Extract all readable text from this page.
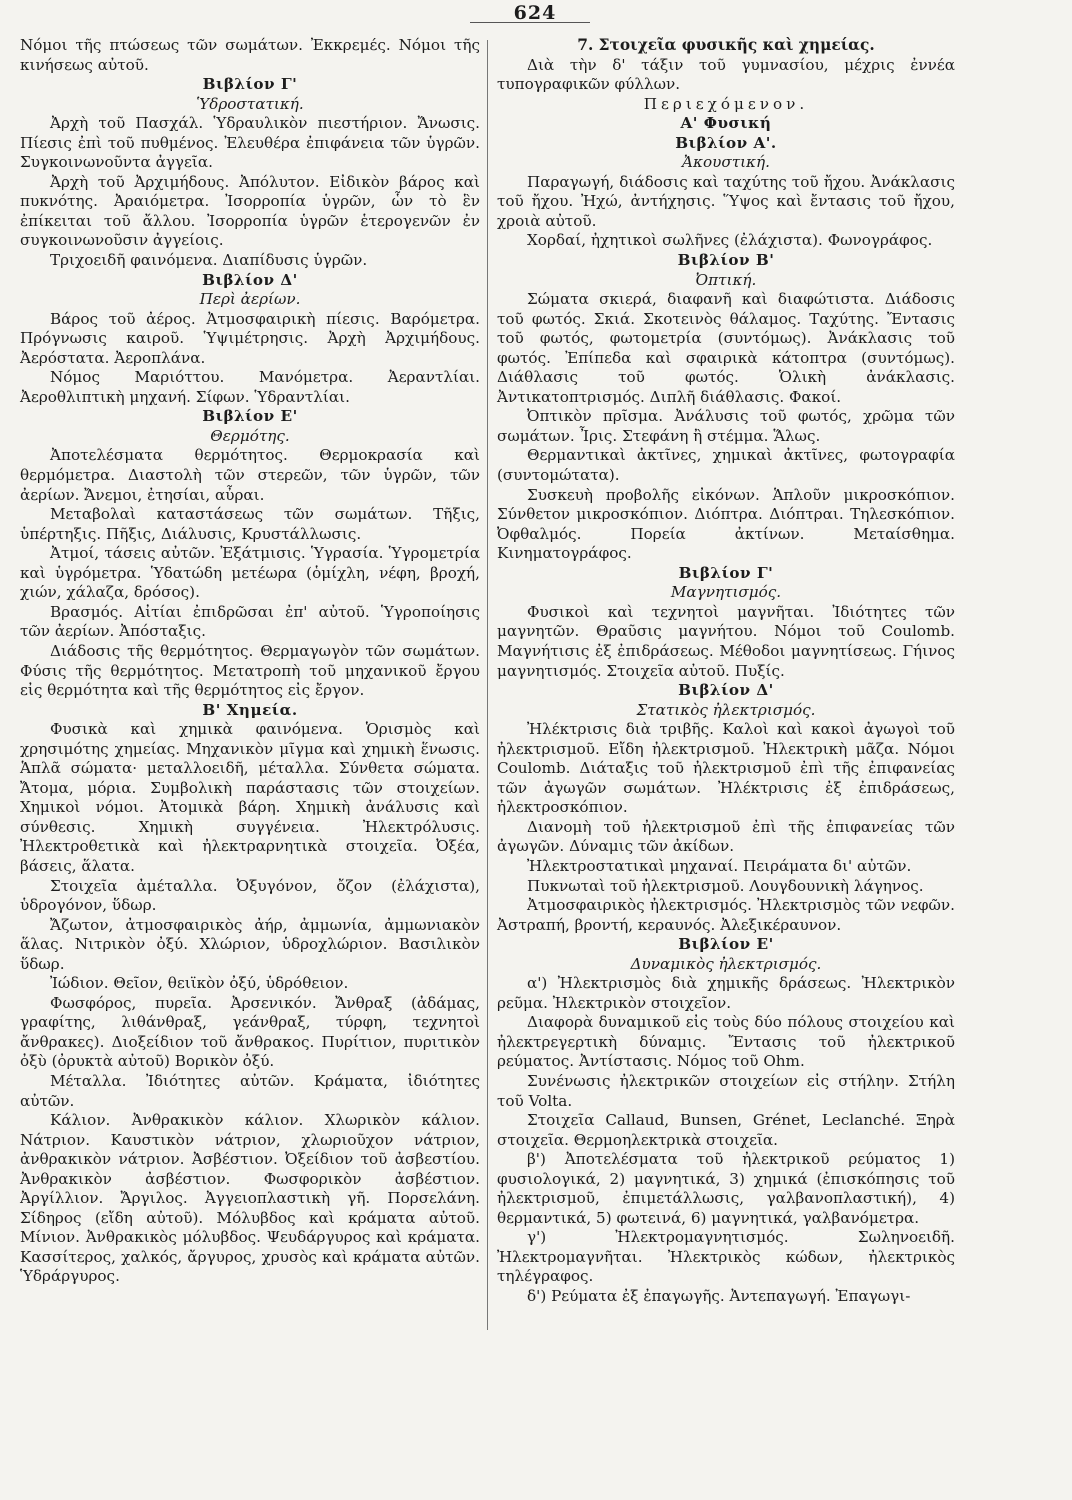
624
Νόμοι τῆς πτώσεως τῶν σωμάτων. Ἐκκρεμές. Νόμοι τῆς κινήσεως αὐτοῦ.
Βιβλίον Γ'
Ὑδροστατική.
Ἀρχὴ τοῦ Πασχάλ. Ὑδραυλικὸν πιεστήριον. Ἄνωσις. Πίεσις ἐπὶ τοῦ πυθμένος. Ἐλευθέρα ἐπιφάνεια τῶν ὑγρῶν. Συγκοινωνοῦντα ἀγγεῖα.
Ἀρχὴ τοῦ Ἀρχιμήδους. Ἀπόλυτον. Εἰδικὸν βάρος καὶ πυκνότης. Ἀραιόμετρα. Ἰσορροπία ὑγρῶν, ὧν τὸ ἓν ἐπίκειται τοῦ ἄλλου. Ἰσορροπία ὑγρῶν ἑτερογενῶν ἐν συγκοινωνοῦσιν ἀγγείοις.
Τριχοειδῆ φαινόμενα. Διαπίδυσις ὑγρῶν.
Βιβλίον Δ'
Περὶ ἀερίων.
Βάρος τοῦ ἀέρος. Ἀτμοσφαιρικὴ πίεσις. Βαρόμετρα. Πρόγνωσις καιροῦ. Ὑψιμέτρησις. Ἀρχὴ Ἀρχιμήδους. Ἀερόστατα. Ἀεροπλάνα.
Νόμος Μαριόττου. Μανόμετρα. Ἀεραντλίαι. Ἀεροθλιπτικὴ μηχανή. Σίφων. Ὑδραντλίαι.
Βιβλίον Ε'
Θερμότης.
Ἀποτελέσματα θερμότητος. Θερμοκρασία καὶ θερμόμετρα. Διαστολὴ τῶν στερεῶν, τῶν ὑγρῶν, τῶν ἀερίων. Ἄνεμοι, ἐτησίαι, αὖραι.
Μεταβολαὶ καταστάσεως τῶν σωμάτων. Τῆξις, ὑπέρτηξις. Πῆξις, Διάλυσις, Κρυστάλλωσις.
Ἀτμοί, τάσεις αὐτῶν. Ἐξάτμισις. Ὑγρασία. Ὑγρομετρία καὶ ὑγρόμετρα. Ὑδατώδη μετέωρα (ὁμίχλη, νέφη, βροχή, χιών, χάλαζα, δρόσος).
Βρασμός. Αἰτίαι ἐπιδρῶσαι ἐπ' αὐτοῦ. Ὑγροποίησις τῶν ἀερίων. Ἀπόσταξις.
Διάδοσις τῆς θερμότητος. Θερμαγωγὸν τῶν σωμάτων. Φύσις τῆς θερμότητος. Μετατροπὴ τοῦ μηχανικοῦ ἔργου εἰς θερμότητα καὶ τῆς θερμότητος εἰς ἔργον.
Β' Χημεία.
Φυσικὰ καὶ χημικὰ φαινόμενα. Ὁρισμὸς καὶ χρησιμότης χημείας. Μηχανικὸν μῖγμα καὶ χημικὴ ἕνωσις. Ἁπλᾶ σώματα· μεταλλοειδῆ, μέταλλα. Σύνθετα σώματα. Ἄτομα, μόρια. Συμβολικὴ παράστασις τῶν στοιχείων. Χημικοὶ νόμοι. Ἀτομικὰ βάρη. Χημικὴ ἀνάλυσις καὶ σύνθεσις. Χημικὴ συγγένεια. Ἠλεκτρόλυσις. Ἠλεκτροθετικὰ καὶ ἠλεκτραρνητικὰ στοιχεῖα. Ὀξέα, βάσεις, ἅλατα.
Στοιχεῖα ἀμέταλλα. Ὀξυγόνον, ὄζον (ἐλάχιστα), ὑδρογόνον, ὕδωρ.
Ἄζωτον, ἀτμοσφαιρικὸς ἀήρ, ἀμμωνία, ἀμμωνιακὸν ἅλας. Νιτρικὸν ὀξύ. Χλώριον, ὑδροχλώριον. Βασιλικὸν ὕδωρ.
Ἰώδιον. Θεῖον, θειϊκὸν ὀξύ, ὑδρόθειον.
Φωσφόρος, πυρεῖα. Ἀρσενικόν. Ἄνθραξ (ἀδάμας, γραφίτης, λιθάνθραξ, γεάνθραξ, τύρφη, τεχνητοὶ ἄνθρακες). Διοξείδιον τοῦ ἄνθρακος. Πυρίτιον, πυριτικὸν ὀξὺ (ὀρυκτὰ αὐτοῦ) Βορικὸν ὀξύ.
Μέταλλα. Ἰδιότητες αὐτῶν. Κράματα, ἰδιότητες αὐτῶν.
Κάλιον. Ἀνθρακικὸν κάλιον. Χλωρικὸν κάλιον. Νάτριον. Καυστικὸν νάτριον, χλωριοῦχον νάτριον, ἀνθρακικὸν νάτριον. Ἀσβέστιον. Ὀξείδιον τοῦ ἀσβεστίου. Ἀνθρακικὸν ἀσβέστιον. Φωσφορικὸν ἀσβέστιον. Ἀργίλλιον. Ἄργιλος. Ἀγγειοπλαστικὴ γῆ. Πορσελάνη. Σίδηρος (εἴδη αὐτοῦ). Μόλυβδος καὶ κράματα αὐτοῦ. Μίνιον. Ἀνθρακικὸς μόλυβδος. Ψευδάργυρος καὶ κράματα. Κασσίτερος, χαλκός, ἄργυρος, χρυσὸς καὶ κράματα αὐτῶν. Ὑδράργυρος.
7. Στοιχεῖα φυσικῆς καὶ χημείας.
Διὰ τὴν δ' τάξιν τοῦ γυμνασίου, μέχρις ἐννέα τυπογραφικῶν φύλλων.
Περιεχόμενον.
Α' Φυσική
Βιβλίον Α'.
Ἀκουστική.
Παραγωγή, διάδοσις καὶ ταχύτης τοῦ ἤχου. Ἀνάκλασις τοῦ ἤχου. Ἠχώ, ἀντήχησις. Ὕψος καὶ ἔντασις τοῦ ἤχου, χροιὰ αὐτοῦ.
Χορδαί, ἠχητικοὶ σωλῆνες (ἐλάχιστα). Φωνογράφος.
Βιβλίον Β'
Ὀπτική.
Σώματα σκιερά, διαφανῆ καὶ διαφώτιστα. Διάδοσις τοῦ φωτός. Σκιά. Σκοτεινὸς θάλαμος. Ταχύτης. Ἔντασις τοῦ φωτός, φωτομετρία (συντόμως). Ἀνάκλασις τοῦ φωτός. Ἐπίπεδα καὶ σφαιρικὰ κάτοπτρα (συντόμως). Διάθλασις τοῦ φωτός. Ὁλικὴ ἀνάκλασις. Ἀντικατοπτρισμός. Διπλῆ διάθλασις. Φακοί.
Ὀπτικὸν πρῖσμα. Ἀνάλυσις τοῦ φωτός, χρῶμα τῶν σωμάτων. Ἶρις. Στεφάνη ἢ στέμμα. Ἅλως.
Θερμαντικαὶ ἀκτῖνες, χημικαὶ ἀκτῖνες, φωτογραφία (συντομώτατα).
Συσκευὴ προβολῆς εἰκόνων. Ἁπλοῦν μικροσκόπιον. Σύνθετον μικροσκόπιον. Διόπτρα. Διόπτραι. Τηλεσκόπιον. Ὀφθαλμός. Πορεία ἀκτίνων. Μεταίσθημα. Κινηματογράφος.
Βιβλίον Γ'
Μαγνητισμός.
Φυσικοὶ καὶ τεχνητοὶ μαγνῆται. Ἰδιότητες τῶν μαγνητῶν. Θραῦσις μαγνήτου. Νόμοι τοῦ Coulomb. Μαγνήτισις ἐξ ἐπιδράσεως. Μέθοδοι μαγνητίσεως. Γήινος μαγνητισμός. Στοιχεῖα αὐτοῦ. Πυξίς.
Βιβλίον Δ'
Στατικὸς ἠλεκτρισμός.
Ἠλέκτρισις διὰ τριβῆς. Καλοὶ καὶ κακοὶ ἀγωγοὶ τοῦ ἠλεκτρισμοῦ. Εἴδη ἠλεκτρισμοῦ. Ἠλεκτρικὴ μᾶζα. Νόμοι Coulomb. Διάταξις τοῦ ἠλεκτρισμοῦ ἐπὶ τῆς ἐπιφανείας τῶν ἀγωγῶν σωμάτων. Ἠλέκτρισις ἐξ ἐπιδράσεως, ἠλεκτροσκόπιον.
Διανομὴ τοῦ ἠλεκτρισμοῦ ἐπὶ τῆς ἐπιφανείας τῶν ἀγωγῶν. Δύναμις τῶν ἀκίδων.
Ἠλεκτροστατικαὶ μηχαναί. Πειράματα δι' αὐτῶν.
Πυκνωταὶ τοῦ ἠλεκτρισμοῦ. Λουγδουνικὴ λάγηνος.
Ἀτμοσφαιρικὸς ἠλεκτρισμός. Ἠλεκτρισμὸς τῶν νεφῶν. Ἀστραπή, βροντή, κεραυνός. Ἀλεξικέραυνον.
Βιβλίον Ε'
Δυναμικὸς ἠλεκτρισμός.
α') Ἠλεκτρισμὸς διὰ χημικῆς δράσεως. Ἠλεκτρικὸν ρεῦμα. Ἠλεκτρικὸν στοιχεῖον.
Διαφορὰ δυναμικοῦ εἰς τοὺς δύο πόλους στοιχείου καὶ ἠλεκτρεγερτικὴ δύναμις. Ἔντασις τοῦ ἠλεκτρικοῦ ρεύματος. Ἀντίστασις. Νόμος τοῦ Ohm.
Συνένωσις ἠλεκτρικῶν στοιχείων εἰς στήλην. Στήλη τοῦ Volta.
Στοιχεῖα Callaud, Bunsen, Grénet, Leclanché. Ξηρὰ στοιχεῖα. Θερμοηλεκτρικὰ στοιχεῖα.
β') Ἀποτελέσματα τοῦ ἠλεκτρικοῦ ρεύματος 1) φυσιολογικά, 2) μαγνητικά, 3) χημικά (ἐπισκόπησις τοῦ ἠλεκτρισμοῦ, ἐπιμετάλλωσις, γαλβανοπλαστική), 4) θερμαντικά, 5) φωτεινά, 6) μαγνητικά, γαλβανόμετρα.
γ') Ἠλεκτρομαγνητισμός. Σωληνοειδῆ. Ἠλεκτρομαγνῆται. Ἠλεκτρικὸς κώδων, ἠλεκτρικὸς τηλέγραφος.
δ') Ρεύματα ἐξ ἐπαγωγῆς. Ἀντεπαγωγή. Ἐπαγωγι-
